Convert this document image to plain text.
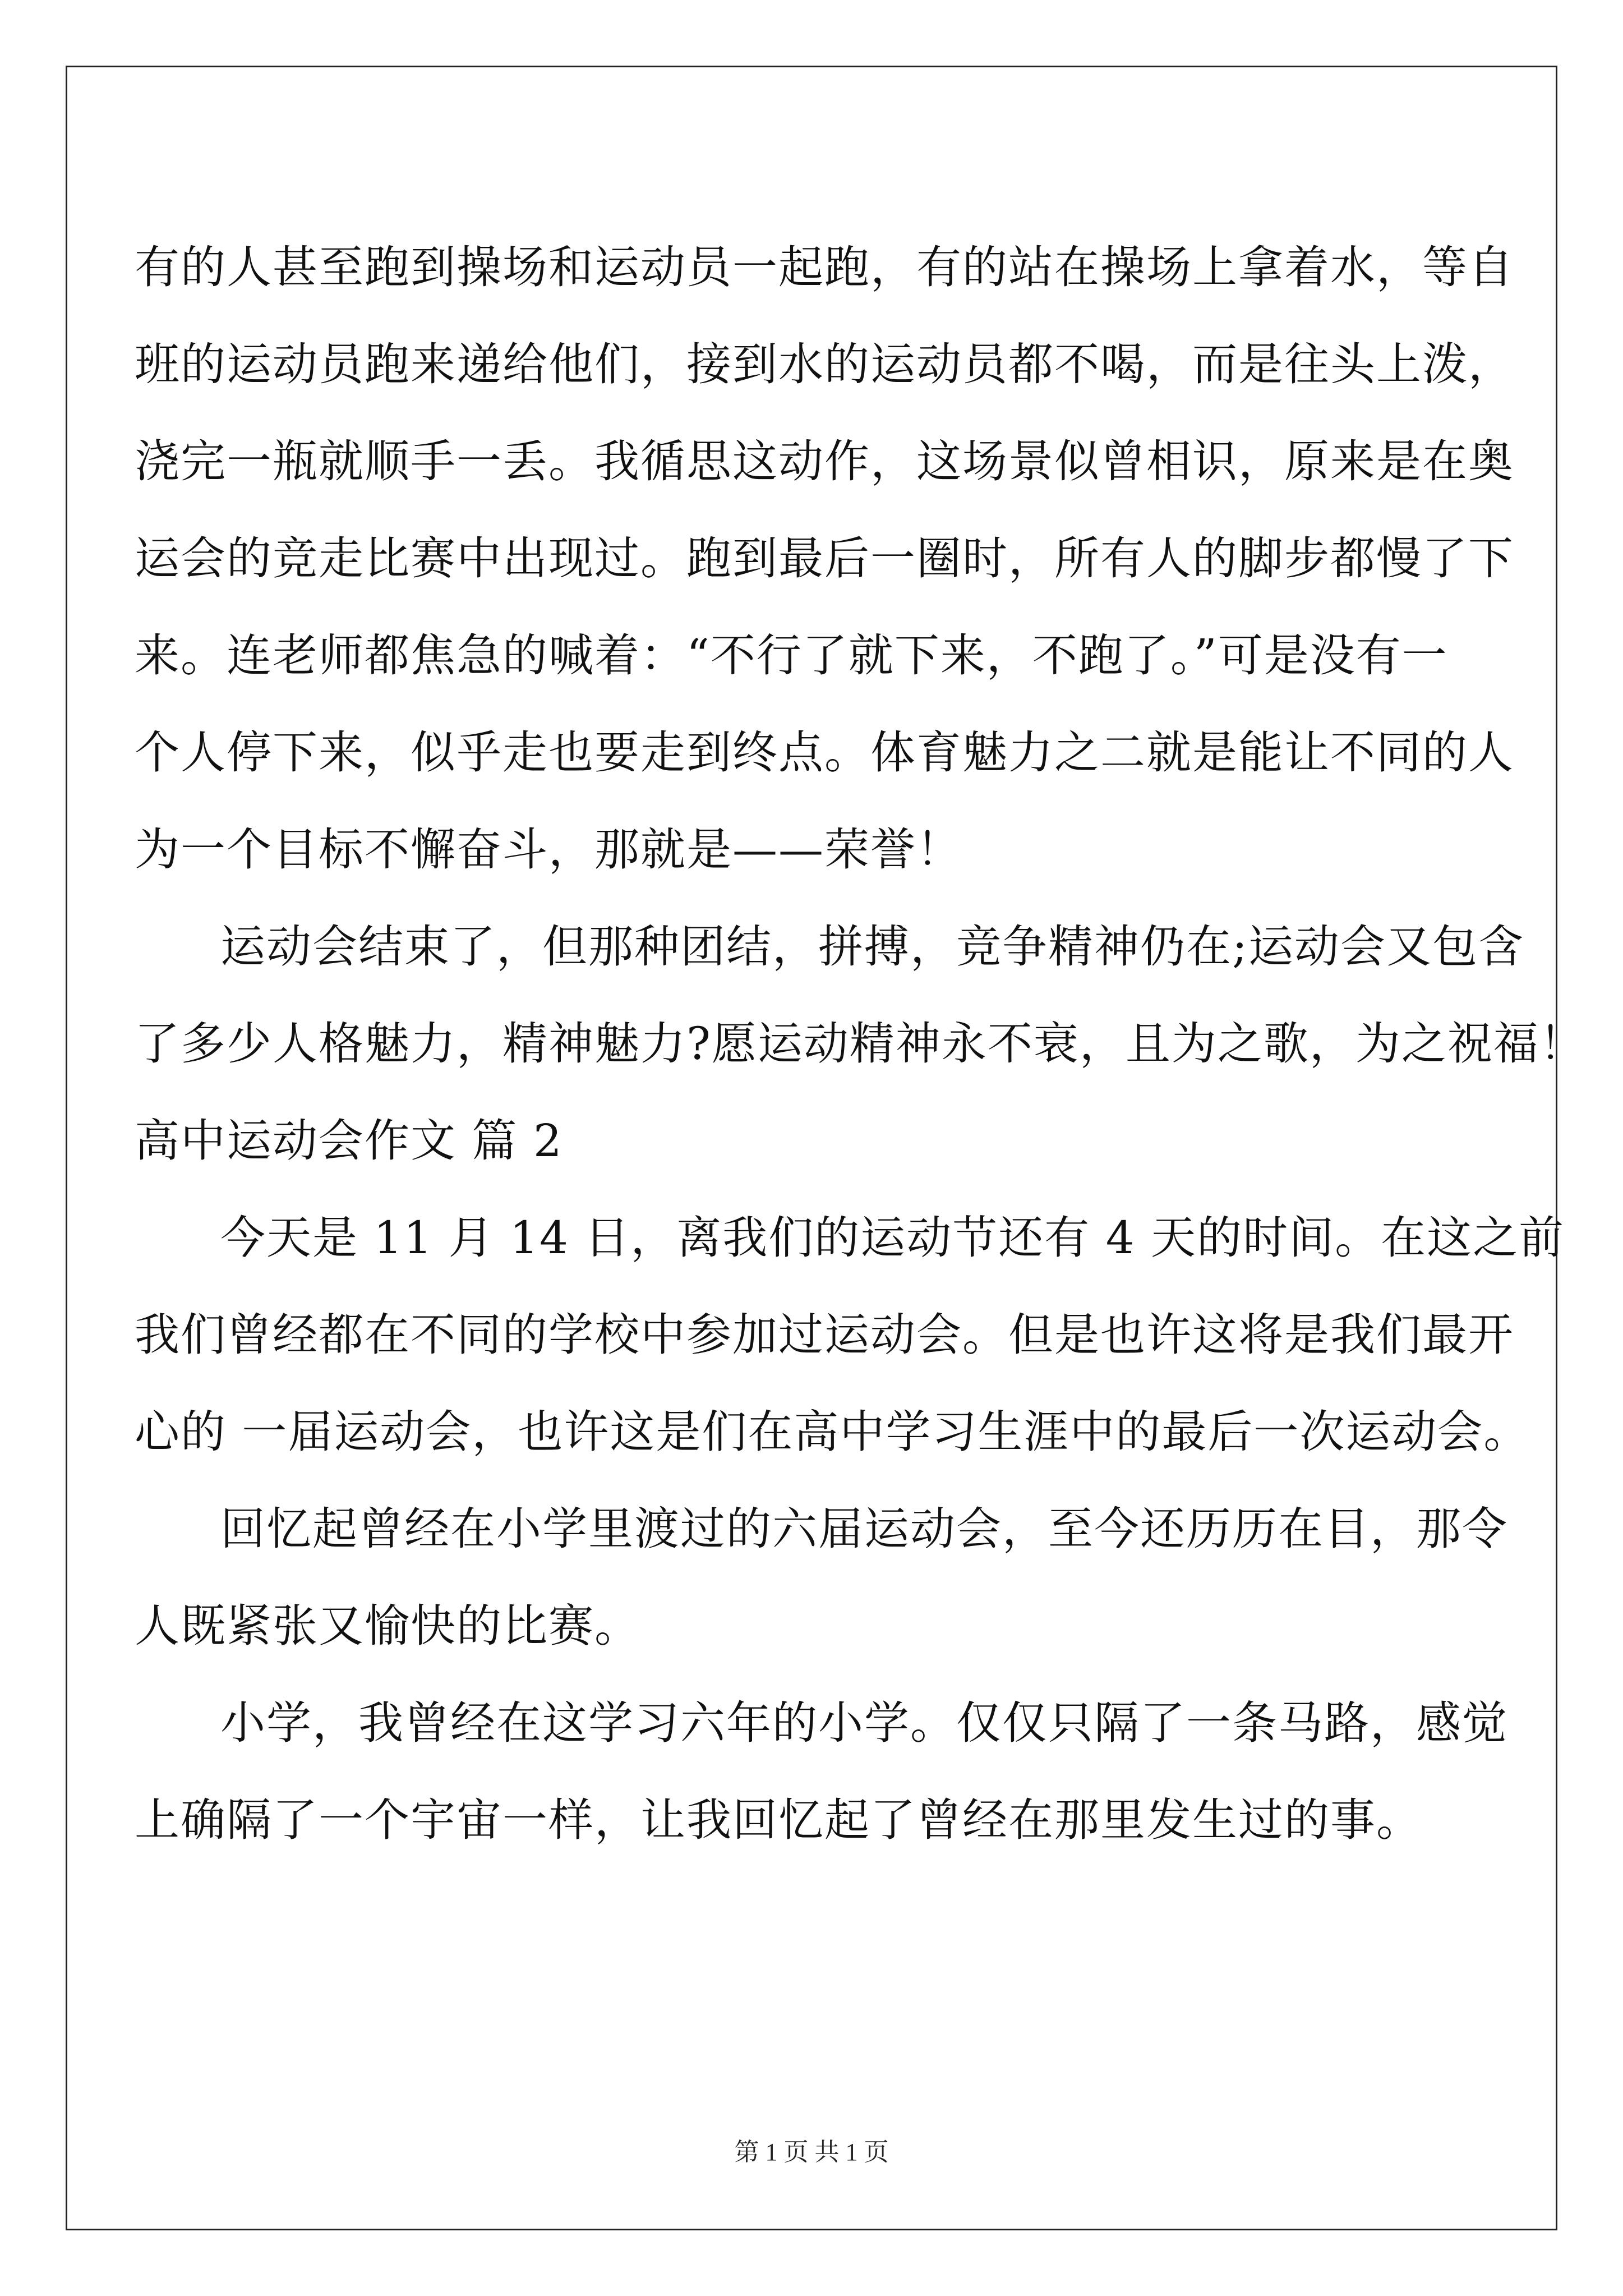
有的人甚至跑到操场和运动员一起跑，有的站在操场上拿着水，等自
班的运动员跑来递给他们，接到水的运动员都不喝，而是往头上泼，
浇完一瓶就顺手一丢。我循思这动作，这场景似曾相识，原来是在奥
运会的竞走比赛中出现过。跑到最后一圈时，所有人的脚步都慢了下
来。连老师都焦急的喊着：“不行了就下来，不跑了。”可是没有一
个人停下来，似乎走也要走到终点。体育魅力之二就是能让不同的人
为一个目标不懈奋斗，那就是——荣誉！
运动会结束了，但那种团结，拼搏，竞争精神仍在;运动会又包含
了多少人格魅力，精神魅力?愿运动精神永不衰，且为之歌，为之祝福！
高中运动会作文 篇 2
今天是 11 月 14 日，离我们的运动节还有 4 天的时间。在这之前
我们曾经都在不同的学校中参加过运动会。但是也许这将是我们最开
心的 一届运动会，也许这是们在高中学习生涯中的最后一次运动会。
回忆起曾经在小学里渡过的六届运动会，至今还历历在目，那令
人既紧张又愉快的比赛。
小学，我曾经在这学习六年的小学。仅仅只隔了一条马路，感觉
上确隔了一个宇宙一样，让我回忆起了曾经在那里发生过的事。
第 1 页 共 1 页
